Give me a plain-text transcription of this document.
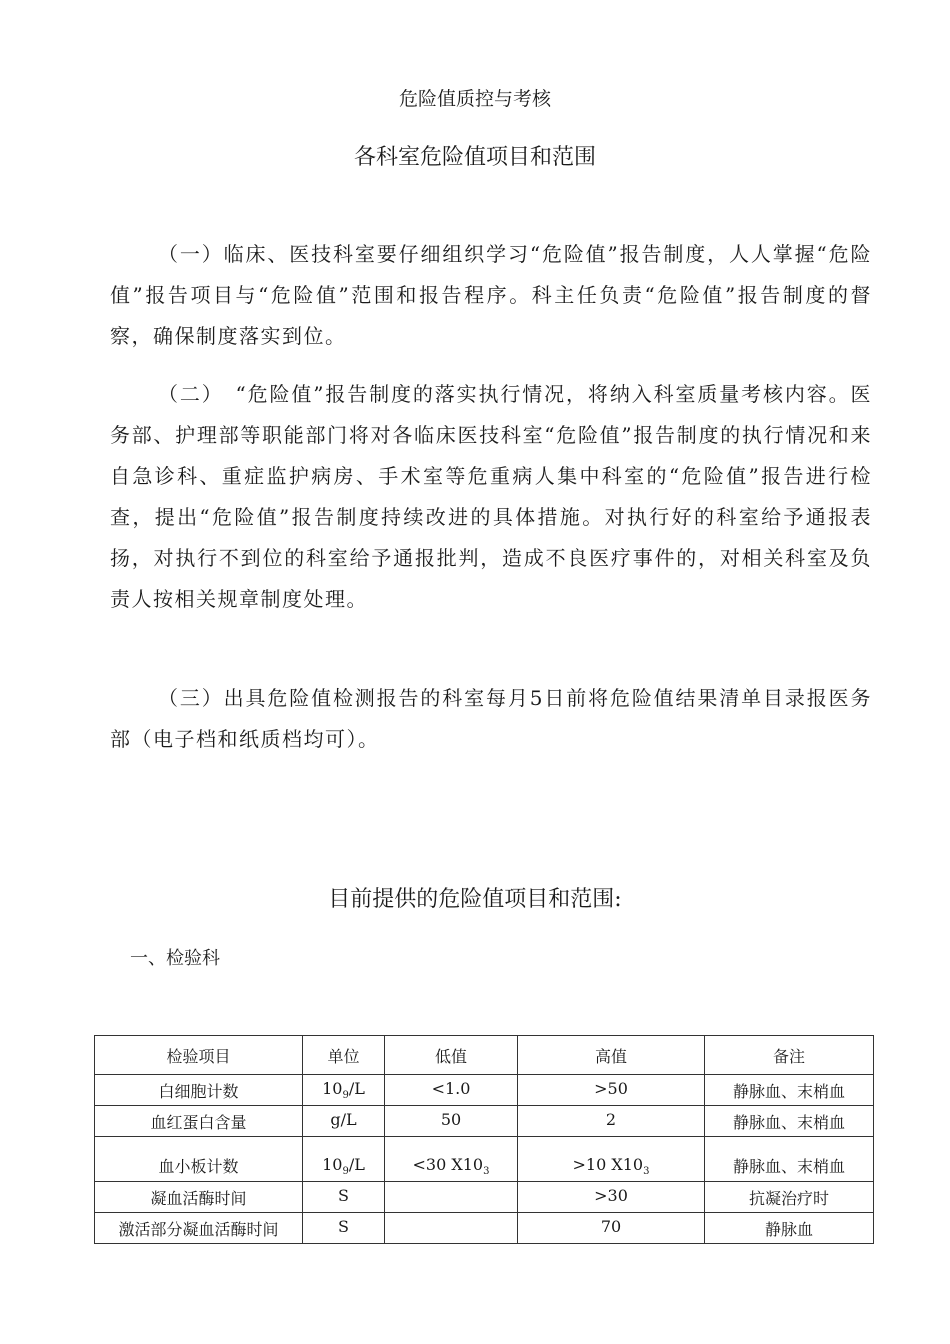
危险值质控与考核
各科室危险值项目和范围
（一）临床、医技科室要仔细组织学习“危险值”报告制度，人人掌握“危险值”报告项目与“危险值”范围和报告程序。科主任负责“危险值”报告制度的督察，确保制度落实到位。
（二）　“危险值”报告制度的落实执行情况，将纳入科室质量考核内容。医务部、护理部等职能部门将对各临床医技科室“危险值”报告制度的执行情况和来自急诊科、重症监护病房、手术室等危重病人集中科室的“危险值”报告进行检查，提出“危险值”报告制度持续改进的具体措施。对执行好的科室给予通报表扬，对执行不到位的科室给予通报批判，造成不良医疗事件的，对相关科室及负责人按相关规章制度处理。
（三）出具危险值检测报告的科室每月5日前将危险值结果清单目录报医务部（电子档和纸质档均可）。
目前提供的危险值项目和范围:
一、检验科
检验项目	单位	低值	高值	备注
白细胞计数	$10_9/L$	<1.0	>50	静脉血、末梢血
血红蛋白含量	g/L	50	2	静脉血、末梢血
血小板计数	$10_9/L$	<30 $X10_3$	>10 $X10_3$	静脉血、末梢血
凝血活酶时间	S		>30	抗凝治疗时
激活部分凝血活酶时间	S		70	静脉血
